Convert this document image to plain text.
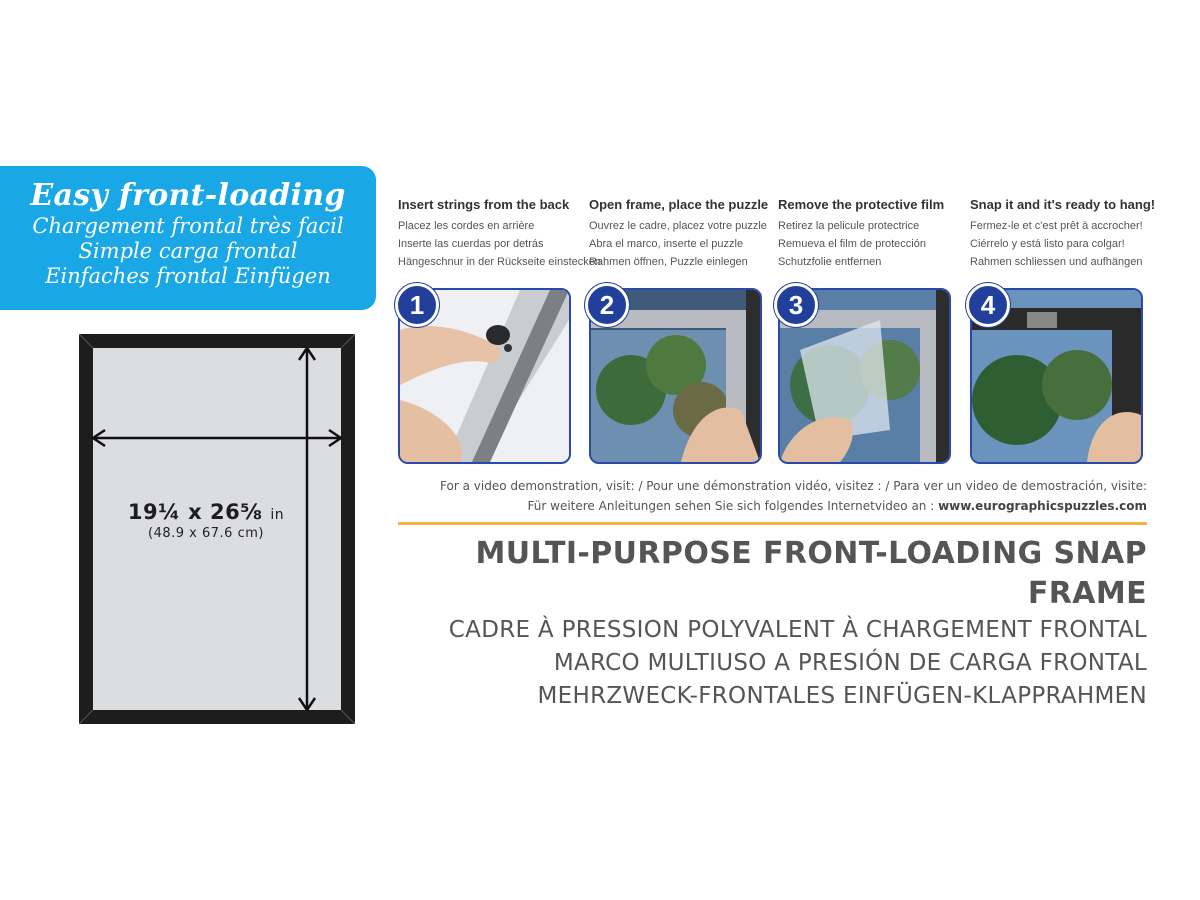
Easy front-loading
Chargement frontal très facil
Simple carga frontal
Einfaches frontal Einfügen
19¼ x 26⅝ in
(48.9 x 67.6 cm)
Insert strings from the back
Placez les cordes en arrière
Inserte las cuerdas por detrás
Hängeschnur in der Rückseite einstecken
Open frame, place the puzzle
Ouvrez le cadre, placez votre puzzle
Abra el marco, inserte el puzzle
Rahmen öffnen, Puzzle einlegen
Remove the protective film
Retirez la pelicule protectrice
Remueva el film de protección
Schutzfolie entfernen
Snap it and it's ready to hang!
Fermez-le et c'est prêt à accrocher!
Ciérrelo y está listo para colgar!
Rahmen schliessen und aufhängen
1	2	3	4
For a video demonstration, visit: / Pour une démonstration vidéo, visitez : / Para ver un video de demostración, visite:
Für weitere Anleitungen sehen Sie sich folgendes Internetvideo an : www.eurographicspuzzles.com
MULTI-PURPOSE FRONT-LOADING SNAP FRAME
CADRE À PRESSION POLYVALENT À CHARGEMENT FRONTAL
MARCO MULTIUSO A PRESIÓN DE CARGA FRONTAL
MEHRZWECK-FRONTALES EINFÜGEN-KLAPPRAHMEN
